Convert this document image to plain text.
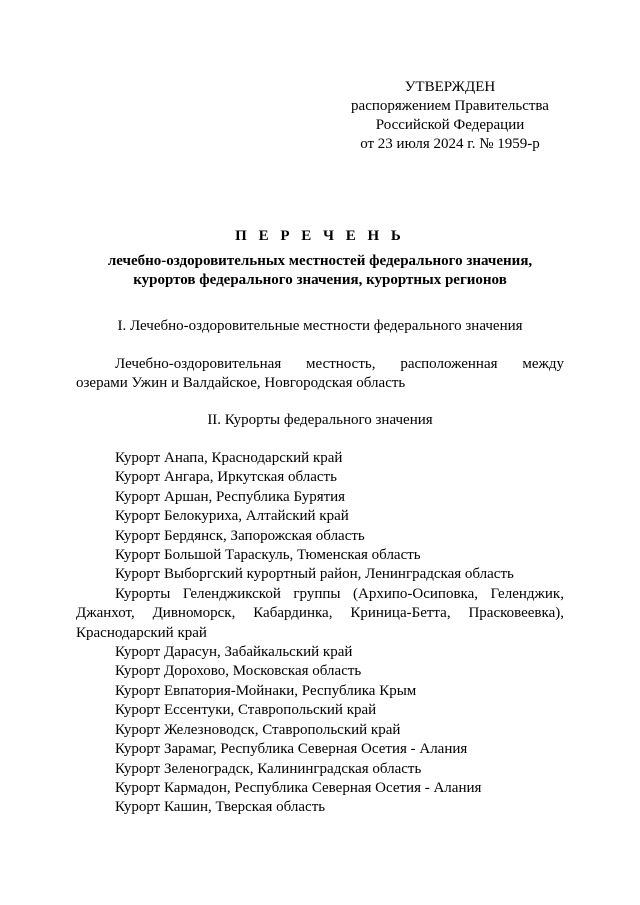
УТВЕРЖДЕН
распоряжением Правительства
Российской Федерации
от 23 июля 2024 г. № 1959-р
П Е Р Е Ч Е Н Ь
лечебно-оздоровительных местностей федерального значения,
курортов федерального значения, курортных регионов
I. Лечебно-оздоровительные местности федерального значения
Лечебно-оздоровительная местность, расположенная между
озерами Ужин и Валдайское, Новгородская область
II. Курорты федерального значения
Курорт Анапа, Краснодарский край
Курорт Ангара, Иркутская область
Курорт Аршан, Республика Бурятия
Курорт Белокуриха, Алтайский край
Курорт Бердянск, Запорожская область
Курорт Большой Тараскуль, Тюменская область
Курорт Выборгский курортный район, Ленинградская область
Курорты Геленджикской группы (Архипо-Осиповка, Геленджик,
Джанхот, Дивноморск, Кабардинка, Криница-Бетта, Прасковеевка),
Краснодарский край
Курорт Дарасун, Забайкальский край
Курорт Дорохово, Московская область
Курорт Евпатория-Мойнаки, Республика Крым
Курорт Ессентуки, Ставропольский край
Курорт Железноводск, Ставропольский край
Курорт Зарамаг, Республика Северная Осетия - Алания
Курорт Зеленоградск, Калининградская область
Курорт Кармадон, Республика Северная Осетия - Алания
Курорт Кашин, Тверская область
